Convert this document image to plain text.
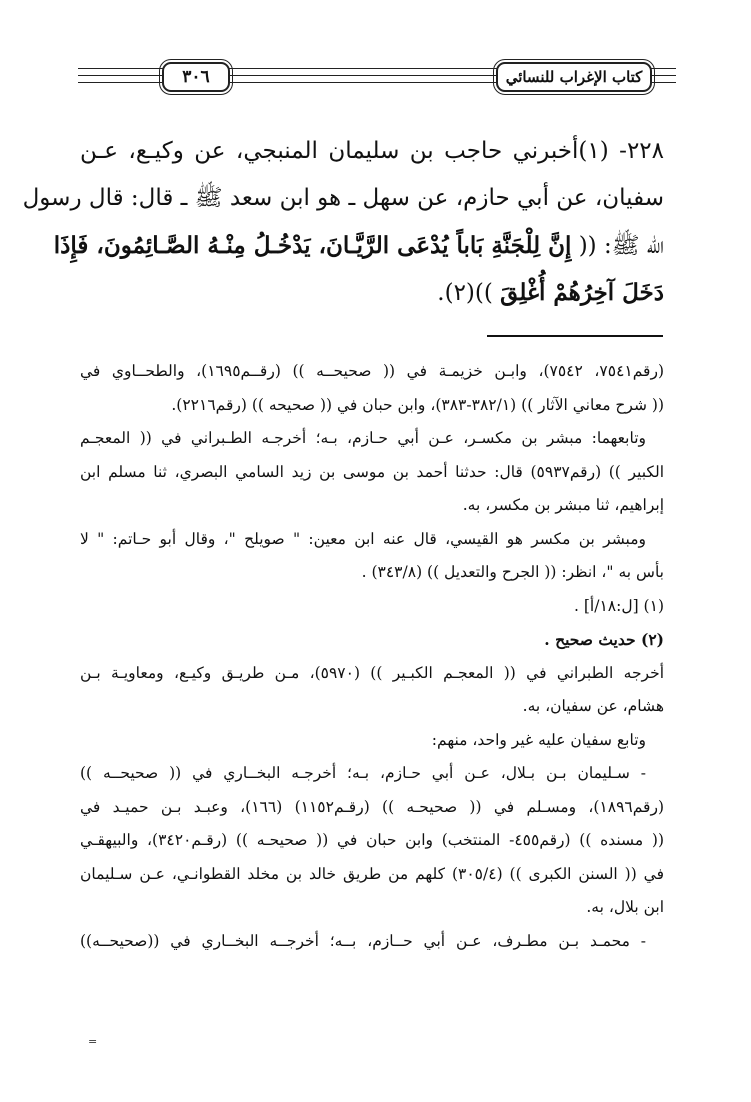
كتاب الإغراب للنسائي
٣٠٦
٢٢٨- (١)أخبرني حاجب بن سليمان المنبجي، عن وكيـع، عـن
سفيان، عن أبي حازم، عن سهل ـ هو ابن سعد ﷺ ـ قال: قال رسول
الله ﷺ: (( إِنَّ لِلْجَنَّةِ بَاباً يُدْعَى الرَّيَّـانَ، يَدْخُـلُ مِنْـهُ الصَّـائِمُونَ، فَإِذَا
دَخَلَ آخِرُهُمْ أُغْلِقَ ))(٢).
(رقم٧٥٤١، ٧٥٤٢)، وابـن خزيمـة في (( صحيحــه )) (رقــم١٦٩٥)، والطحــاوي في
(( شرح معاني الآثار )) (٣٨٢/١-٣٨٣)، وابن حبان في (( صحيحه )) (رقم٢٢١٦).
وتابعهما: مبشر بن مكسـر، عـن أبي حـازم، بـه؛ أخرجـه الطـبراني في (( المعجـم
الكبير )) (رقم٥٩٣٧) قال: حدثنا أحمد بن موسى بن زيد السامي البصري، ثنا مسلم ابن
إبراهيم، ثنا مبشر بن مكسر، به.
ومبشر بن مكسر هو القيسي، قال عنه ابن معين: " صويلح "، وقال أبو حـاتم: " لا
بأس به "، انظر: (( الجرح والتعديل )) (٣٤٣/٨) .
(١) [ل:١٨/أ] .
(٢) حديث صحيح .
أخرجه الطبراني في (( المعجـم الكبـير )) (٥٩٧٠)، مـن طريـق وكيـع، ومعاويـة بـن
هشام، عن سفيان، به.
وتابع سفيان عليه غير واحد، منهم:
- سـليمان بـن بـلال، عـن أبي حـازم، بـه؛ أخرجـه البخــاري في (( صحيحــه ))
(رقم١٨٩٦)، ومسـلم في (( صحيحـه )) (رقـم١١٥٢) (١٦٦)، وعبـد بـن حميـد في
(( مسنده )) (رقم٤٥٥- المنتخب) وابن حبان في (( صحيحـه )) (رقـم٣٤٢٠)، والبيهقـي
في (( السنن الكبرى )) (٣٠٥/٤) كلهم من طريق خالد بن مخلد القطوانـي، عـن سـليمان
ابن بلال، به.
- محمـد بـن مطـرف، عـن أبي حــازم، بــه؛ أخرجــه البخــاري في ((صحيحــه))
=
